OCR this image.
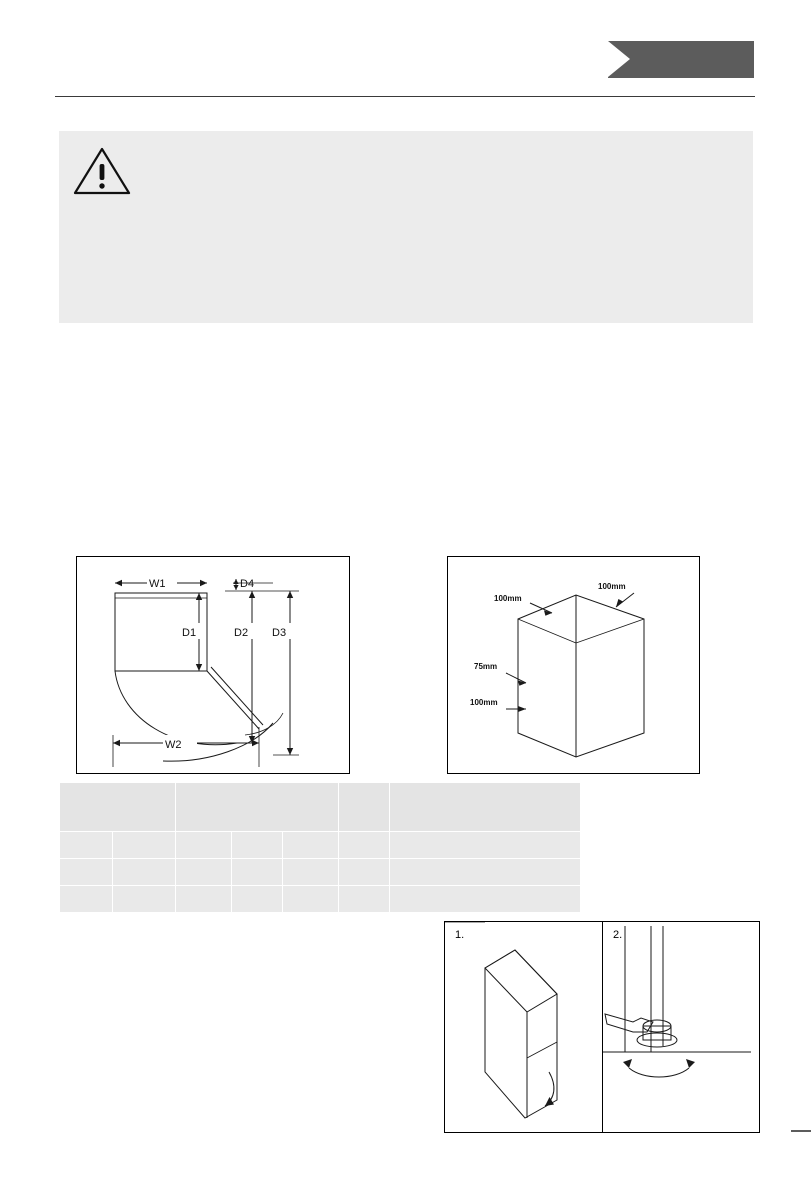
W1
D1
W2
D4
D2 D3
100mm
100mm
75mm
100mm

1.	2.
